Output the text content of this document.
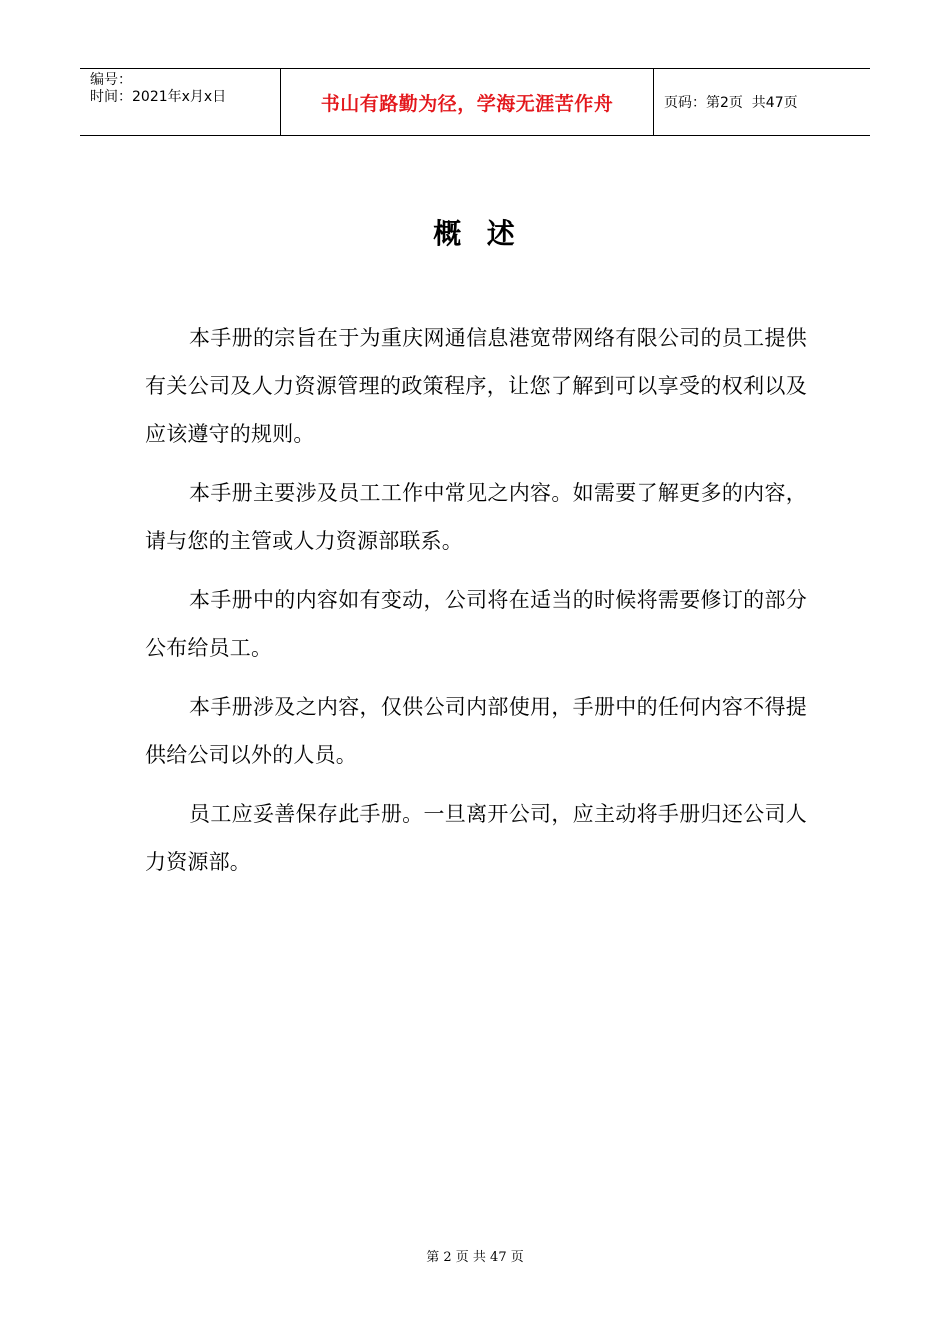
编号：
时间：2021年x月x日	书山有路勤为径，学海无涯苦作舟	页码：第2页  共47页
概  述

本手册的宗旨在于为重庆网通信息港宽带网络有限公司的员工提供有关公司及人力资源管理的政策程序，让您了解到可以享受的权利以及应该遵守的规则。

本手册主要涉及员工工作中常见之内容。如需要了解更多的内容，请与您的主管或人力资源部联系。

本手册中的内容如有变动，公司将在适当的时候将需要修订的部分公布给员工。

本手册涉及之内容，仅供公司内部使用，手册中的任何内容不得提供给公司以外的人员。

员工应妥善保存此手册。一旦离开公司，应主动将手册归还公司人力资源部。

第 2 页 共 47 页
